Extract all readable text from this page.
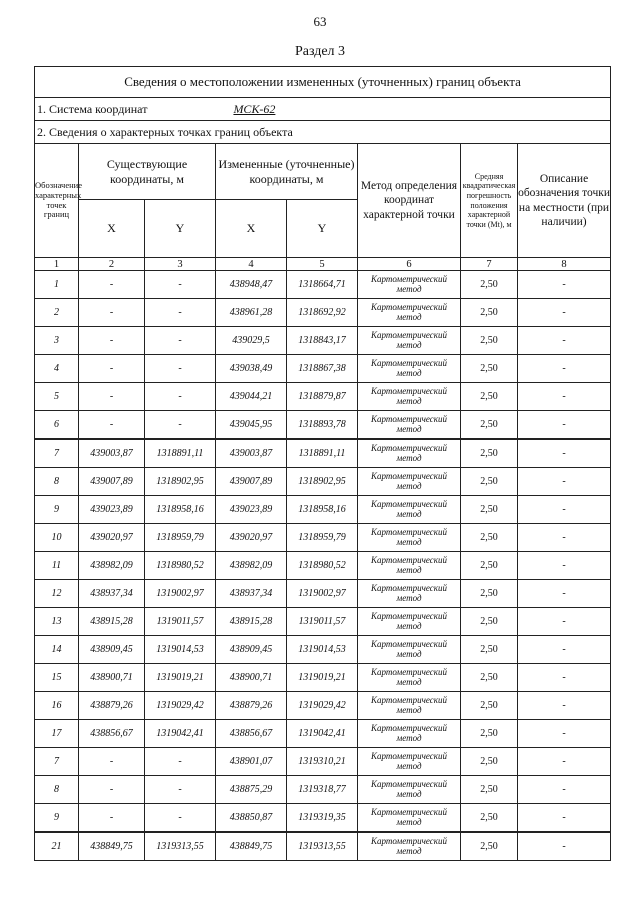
63
Раздел 3
Сведения о местоположении измененных (уточненных) границ объекта							
1. Система координат МСК-62							
2. Сведения о характерных точках границ объекта							
Обозначение характерных точек границ	Существующие координаты, м		Измененные (уточненные) координаты, м		Метод определения координат характерной точки	Средняя квадратическая погрешность положения характерной точки (Мt), м	Описание обозначения точки на местности (при наличии)
	X	Y	X	Y			
1	2	3	4	5	6	7	8
1	-	-	438948,47	1318664,71	Картометрический метод	2,50	-
2	-	-	438961,28	1318692,92	Картометрический метод	2,50	-
3	-	-	439029,5	1318843,17	Картометрический метод	2,50	-
4	-	-	439038,49	1318867,38	Картометрический метод	2,50	-
5	-	-	439044,21	1318879,87	Картометрический метод	2,50	-
6	-	-	439045,95	1318893,78	Картометрический метод	2,50	-
7	439003,87	1318891,11	439003,87	1318891,11	Картометрический метод	2,50	-
8	439007,89	1318902,95	439007,89	1318902,95	Картометрический метод	2,50	-
9	439023,89	1318958,16	439023,89	1318958,16	Картометрический метод	2,50	-
10	439020,97	1318959,79	439020,97	1318959,79	Картометрический метод	2,50	-
11	438982,09	1318980,52	438982,09	1318980,52	Картометрический метод	2,50	-
12	438937,34	1319002,97	438937,34	1319002,97	Картометрический метод	2,50	-
13	438915,28	1319011,57	438915,28	1319011,57	Картометрический метод	2,50	-
14	438909,45	1319014,53	438909,45	1319014,53	Картометрический метод	2,50	-
15	438900,71	1319019,21	438900,71	1319019,21	Картометрический метод	2,50	-
16	438879,26	1319029,42	438879,26	1319029,42	Картометрический метод	2,50	-
17	438856,67	1319042,41	438856,67	1319042,41	Картометрический метод	2,50	-
7	-	-	438901,07	1319310,21	Картометрический метод	2,50	-
8	-	-	438875,29	1319318,77	Картометрический метод	2,50	-
9	-	-	438850,87	1319319,35	Картометрический метод	2,50	-
21	438849,75	1319313,55	438849,75	1319313,55	Картометрический метод	2,50	-
